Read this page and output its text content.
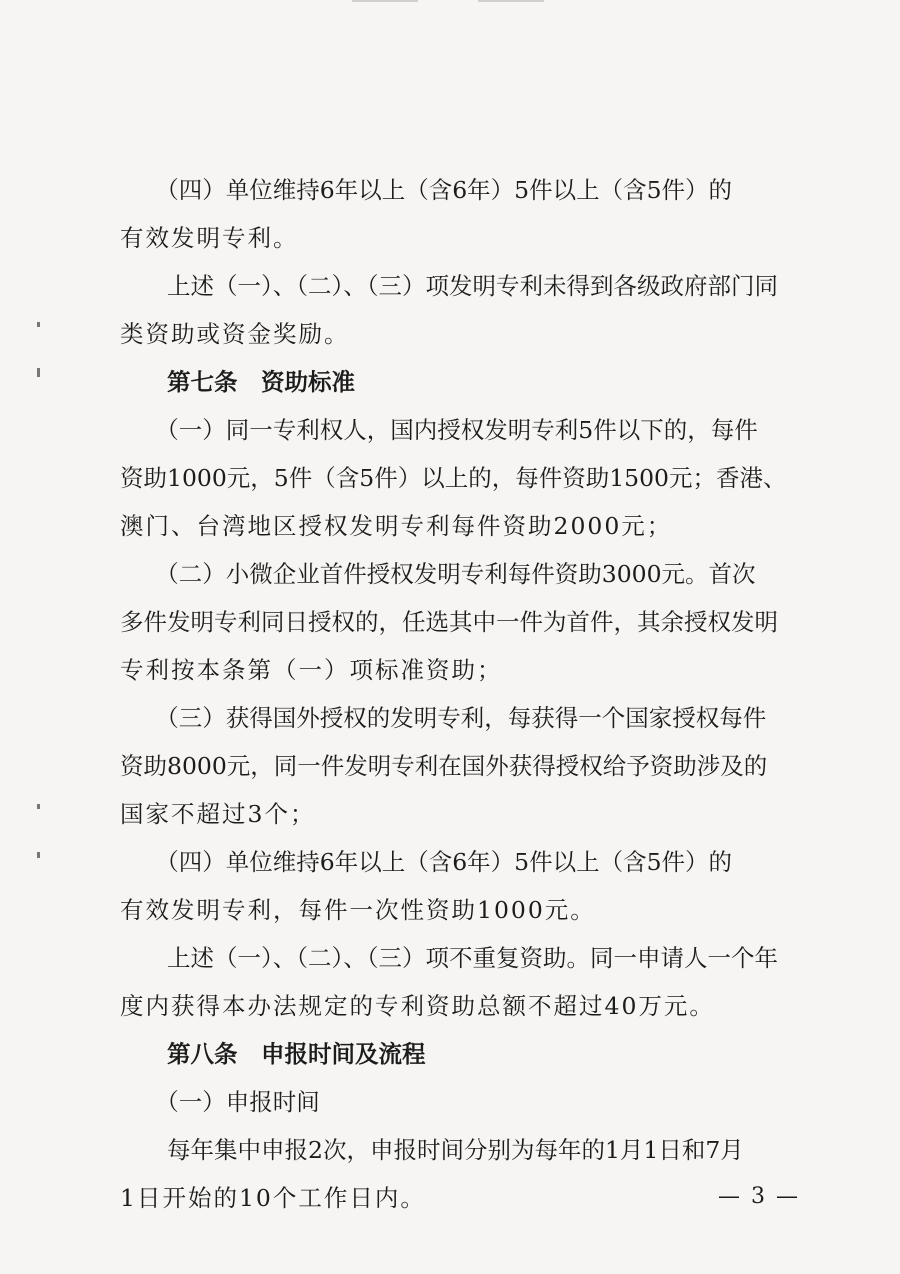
　　（四）单位维持6年以上（含6年）5件以上（含5件）的
有效发明专利。
　　上述（一）、（二）、（三）项发明专利未得到各级政府部门同
类资助或资金奖励。
　　第七条　资助标准
　　（一）同一专利权人，国内授权发明专利5件以下的，每件
资助1000元，5件（含5件）以上的，每件资助1500元；香港、
澳门、台湾地区授权发明专利每件资助2000元；
　　（二）小微企业首件授权发明专利每件资助3000元。首次
多件发明专利同日授权的，任选其中一件为首件，其余授权发明
专利按本条第（一）项标准资助；
　　（三）获得国外授权的发明专利，每获得一个国家授权每件
资助8000元，同一件发明专利在国外获得授权给予资助涉及的
国家不超过3个；
　　（四）单位维持6年以上（含6年）5件以上（含5件）的
有效发明专利，每件一次性资助1000元。
　　上述（一）、（二）、（三）项不重复资助。同一申请人一个年
度内获得本办法规定的专利资助总额不超过40万元。
　　第八条　申报时间及流程
　　（一）申报时间
　　每年集中申报2次，申报时间分别为每年的1月1日和7月
1日开始的10个工作日内。	— 3 —
